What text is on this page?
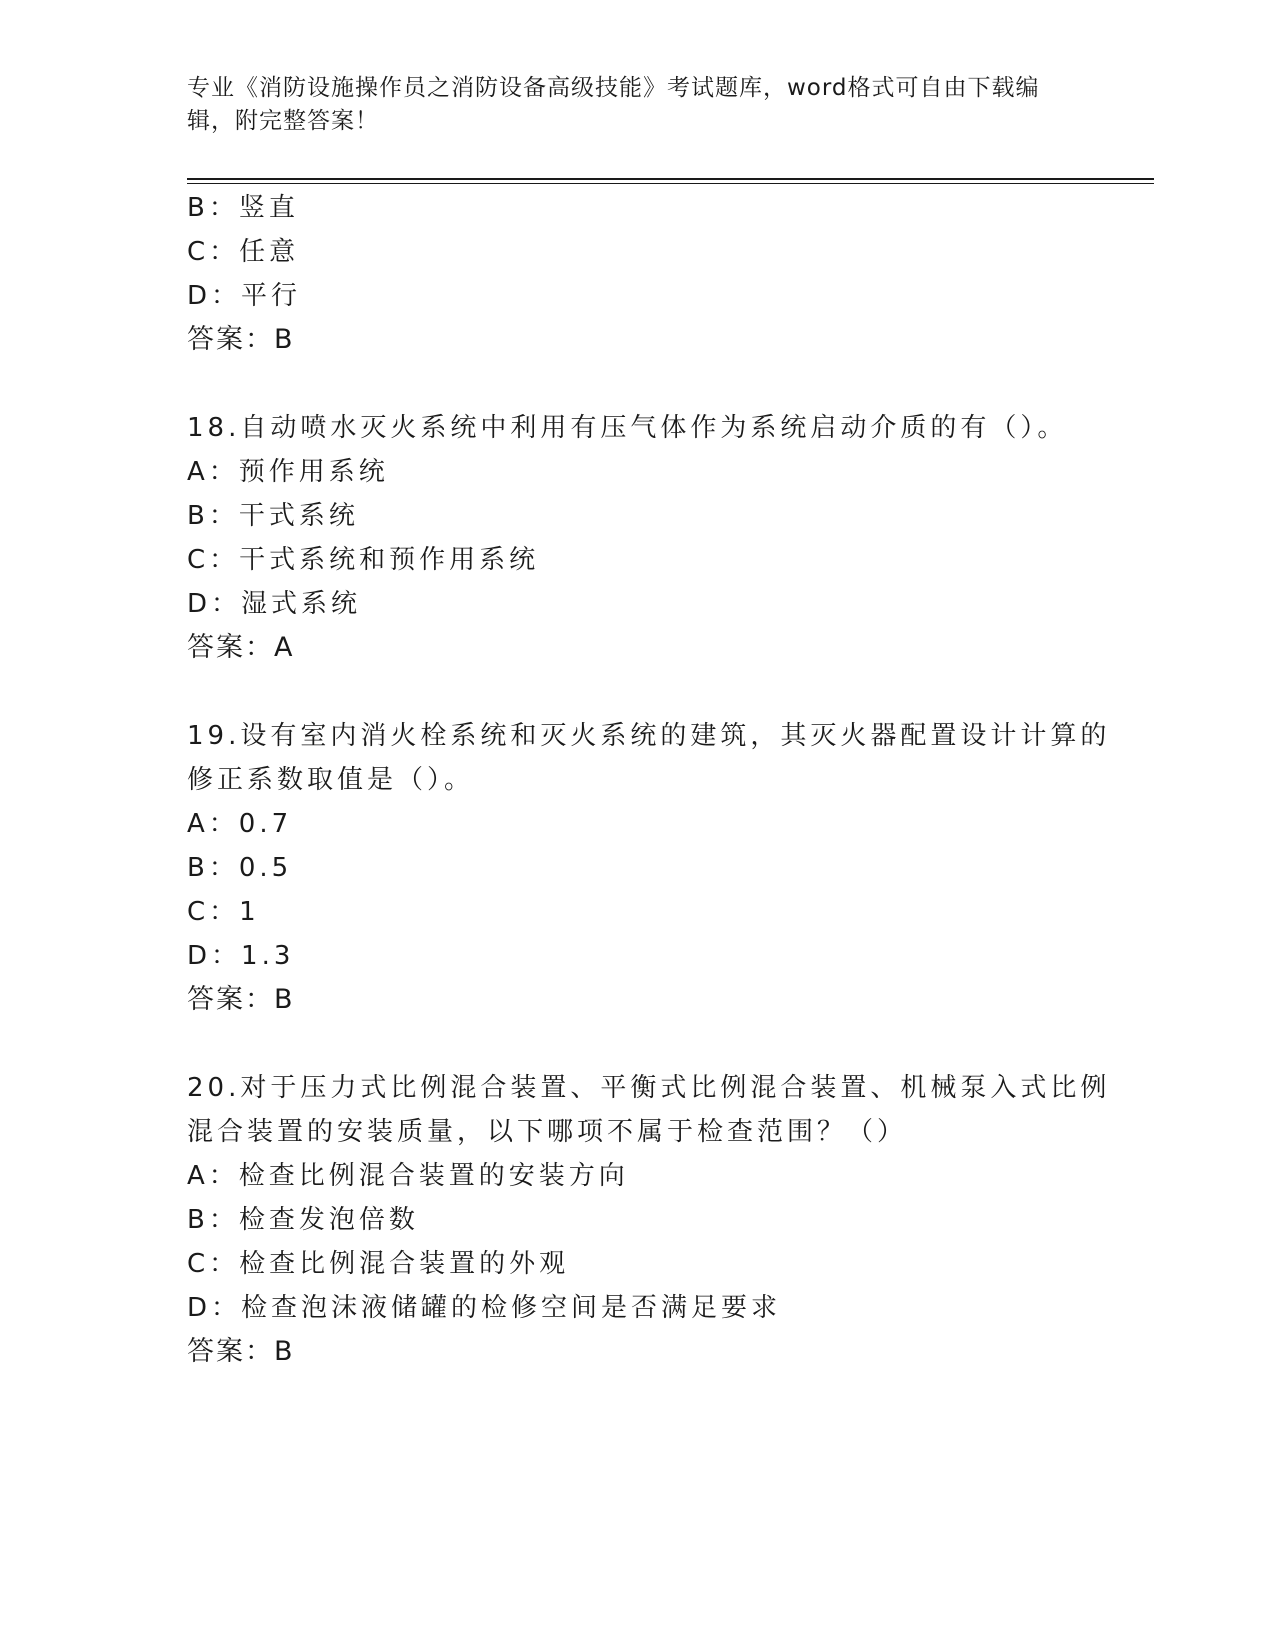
专业《消防设施操作员之消防设备高级技能》考试题库，word格式可自由下载编辑，附完整答案！
B：竖直
C：任意
D：平行
答案：B
18.自动喷水灭火系统中利用有压气体作为系统启动介质的有（）。
A：预作用系统
B：干式系统
C：干式系统和预作用系统
D：湿式系统
答案：A
19.设有室内消火栓系统和灭火系统的建筑，其灭火器配置设计计算的
修正系数取值是（）。
A：0.7
B：0.5
C：1
D：1.3
答案：B
20.对于压力式比例混合装置、平衡式比例混合装置、机械泵入式比例
混合装置的安装质量，以下哪项不属于检查范围？（）
A：检查比例混合装置的安装方向
B：检查发泡倍数
C：检查比例混合装置的外观
D：检查泡沫液储罐的检修空间是否满足要求
答案：B
